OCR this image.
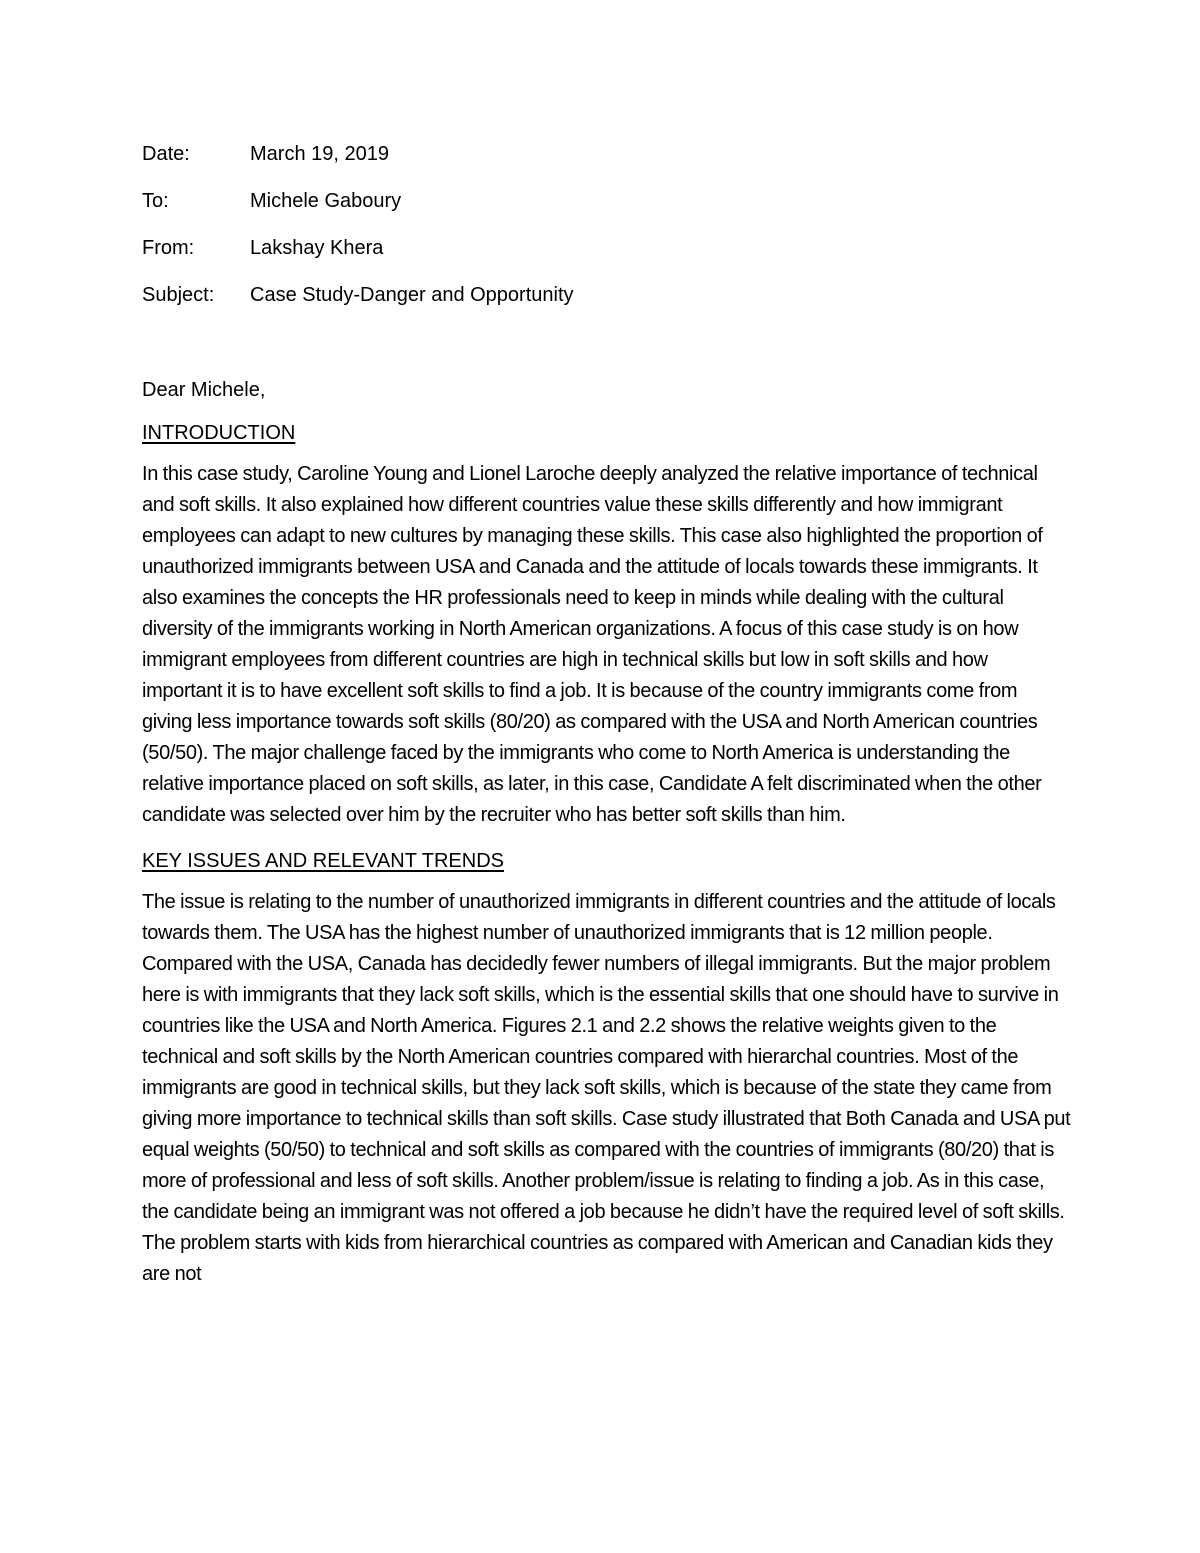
Date:	March 19, 2019
To:	Michele Gaboury
From:	Lakshay Khera
Subject:	Case Study-Danger and Opportunity
Dear Michele,
INTRODUCTION

In this case study, Caroline Young and Lionel Laroche deeply analyzed the relative importance of technical and soft skills. It also explained how different countries value these skills differently and how immigrant employees can adapt to new cultures by managing these skills. This case also highlighted the proportion of unauthorized immigrants between USA and Canada and the attitude of locals towards these immigrants. It also examines the concepts the HR professionals need to keep in minds while dealing with the cultural diversity of the immigrants working in North American organizations. A focus of this case study is on how immigrant employees from different countries are high in technical skills but low in soft skills and how important it is to have excellent soft skills to find a job. It is because of the country immigrants come from giving less importance towards soft skills (80/20) as compared with the USA and North American countries (50/50). The major challenge faced by the immigrants who come to North America is understanding the relative importance placed on soft skills, as later, in this case, Candidate A felt discriminated when the other candidate was selected over him by the recruiter who has better soft skills than him.

KEY ISSUES AND RELEVANT TRENDS

The issue is relating to the number of unauthorized immigrants in different countries and the attitude of locals towards them. The USA has the highest number of unauthorized immigrants that is 12 million people. Compared with the USA, Canada has decidedly fewer numbers of illegal immigrants. But the major problem here is with immigrants that they lack soft skills, which is the essential skills that one should have to survive in countries like the USA and North America. Figures 2.1 and 2.2 shows the relative weights given to the technical and soft skills by the North American countries compared with hierarchal countries. Most of the immigrants are good in technical skills, but they lack soft skills, which is because of the state they came from giving more importance to technical skills than soft skills. Case study illustrated that Both Canada and USA put equal weights (50/50) to technical and soft skills as compared with the countries of immigrants (80/20) that is more of professional and less of soft skills. Another problem/issue is relating to finding a job. As in this case, the candidate being an immigrant was not offered a job because he didn’t have the required level of soft skills. The problem starts with kids from hierarchical countries as compared with American and Canadian kids they are not
